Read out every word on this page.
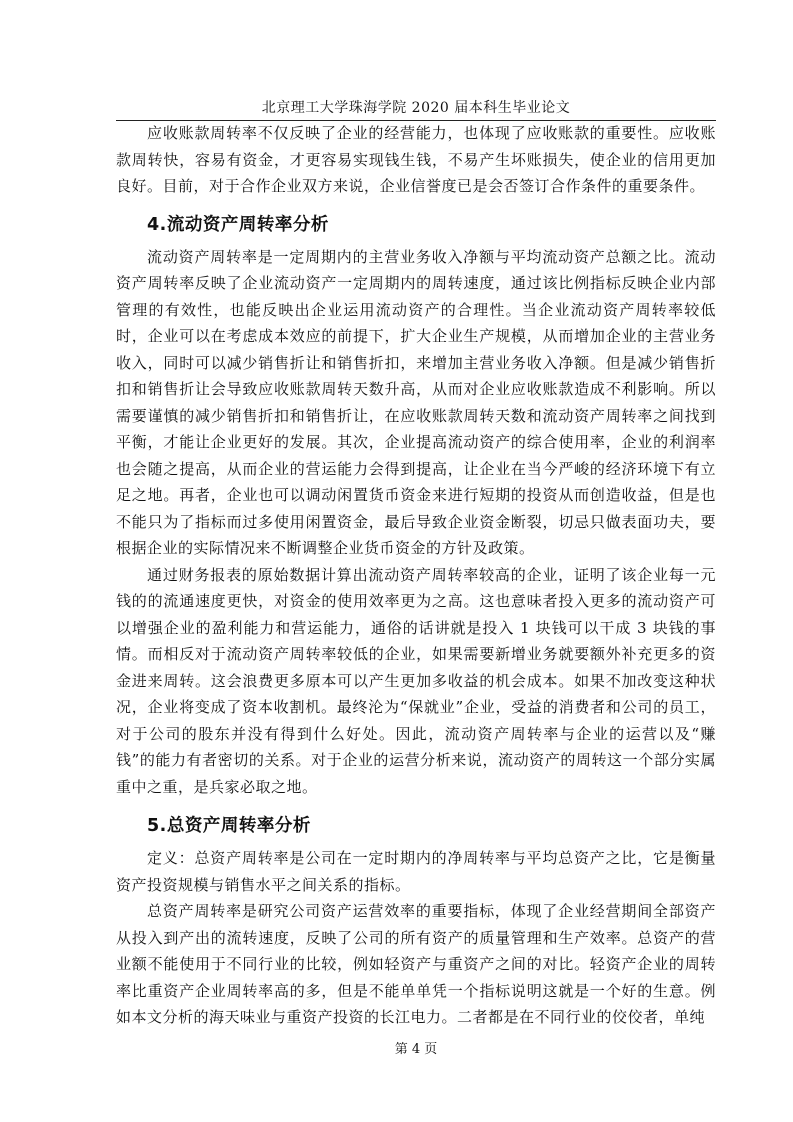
北京理工大学珠海学院 2020 届本科生毕业论文

应收账款周转率不仅反映了企业的经营能力，也体现了应收账款的重要性。应收账款周转快，容易有资金，才更容易实现钱生钱，不易产生坏账损失，使企业的信用更加良好。目前，对于合作企业双方来说，企业信誉度已是会否签订合作条件的重要条件。

4.流动资产周转率分析

流动资产周转率是一定周期内的主营业务收入净额与平均流动资产总额之比。流动资产周转率反映了企业流动资产一定周期内的周转速度，通过该比例指标反映企业内部管理的有效性，也能反映出企业运用流动资产的合理性。当企业流动资产周转率较低时，企业可以在考虑成本效应的前提下，扩大企业生产规模，从而增加企业的主营业务收入，同时可以减少销售折让和销售折扣，来增加主营业务收入净额。但是减少销售折扣和销售折让会导致应收账款周转天数升高，从而对企业应收账款造成不利影响。所以需要谨慎的减少销售折扣和销售折让，在应收账款周转天数和流动资产周转率之间找到平衡，才能让企业更好的发展。其次，企业提高流动资产的综合使用率，企业的利润率也会随之提高，从而企业的营运能力会得到提高，让企业在当今严峻的经济环境下有立足之地。再者，企业也可以调动闲置货币资金来进行短期的投资从而创造收益，但是也不能只为了指标而过多使用闲置资金，最后导致企业资金断裂，切忌只做表面功夫，要根据企业的实际情况来不断调整企业货币资金的方针及政策。

通过财务报表的原始数据计算出流动资产周转率较高的企业，证明了该企业每一元钱的的流通速度更快，对资金的使用效率更为之高。这也意味者投入更多的流动资产可以增强企业的盈利能力和营运能力，通俗的话讲就是投入 1 块钱可以干成 3 块钱的事情。而相反对于流动资产周转率较低的企业，如果需要新增业务就要额外补充更多的资金进来周转。这会浪费更多原本可以产生更加多收益的机会成本。如果不加改变这种状况，企业将变成了资本收割机。最终沦为“保就业”企业，受益的消费者和公司的员工，对于公司的股东并没有得到什么好处。因此，流动资产周转率与企业的运营以及“赚钱”的能力有者密切的关系。对于企业的运营分析来说，流动资产的周转这一个部分实属重中之重，是兵家必取之地。

5.总资产周转率分析

定义：总资产周转率是公司在一定时期内的净周转率与平均总资产之比，它是衡量资产投资规模与销售水平之间关系的指标。

总资产周转率是研究公司资产运营效率的重要指标，体现了企业经营期间全部资产从投入到产出的流转速度，反映了公司的所有资产的质量管理和生产效率。总资产的营业额不能使用于不同行业的比较，例如轻资产与重资产之间的对比。轻资产企业的周转率比重资产企业周转率高的多，但是不能单单凭一个指标说明这就是一个好的生意。例如本文分析的海天味业与重资产投资的长江电力。二者都是在不同行业的佼佼者，单纯

第 4 页
